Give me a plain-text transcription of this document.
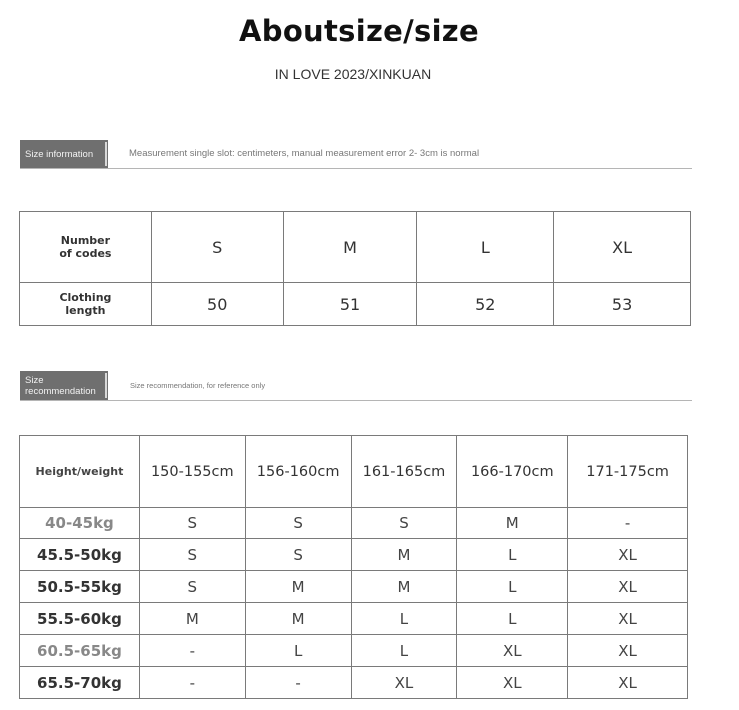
Aboutsize/size
IN LOVE 2023/XINKUAN
Size information	Measurement single slot: centimeters, manual measurement error 2- 3cm is normal
Number
of codes	S	M	L	XL
Clothing
length	50	51	52	53
Size
recommendation	Size recommendation, for reference only
Height/weight	150-155cm	156-160cm	161-165cm	166-170cm	171-175cm
40-45kg	S	S	S	M	-
45.5-50kg	S	S	M	L	XL
50.5-55kg	S	M	M	L	XL
55.5-60kg	M	M	L	L	XL
60.5-65kg	-	L	L	XL	XL
65.5-70kg	-	-	XL	XL	XL
